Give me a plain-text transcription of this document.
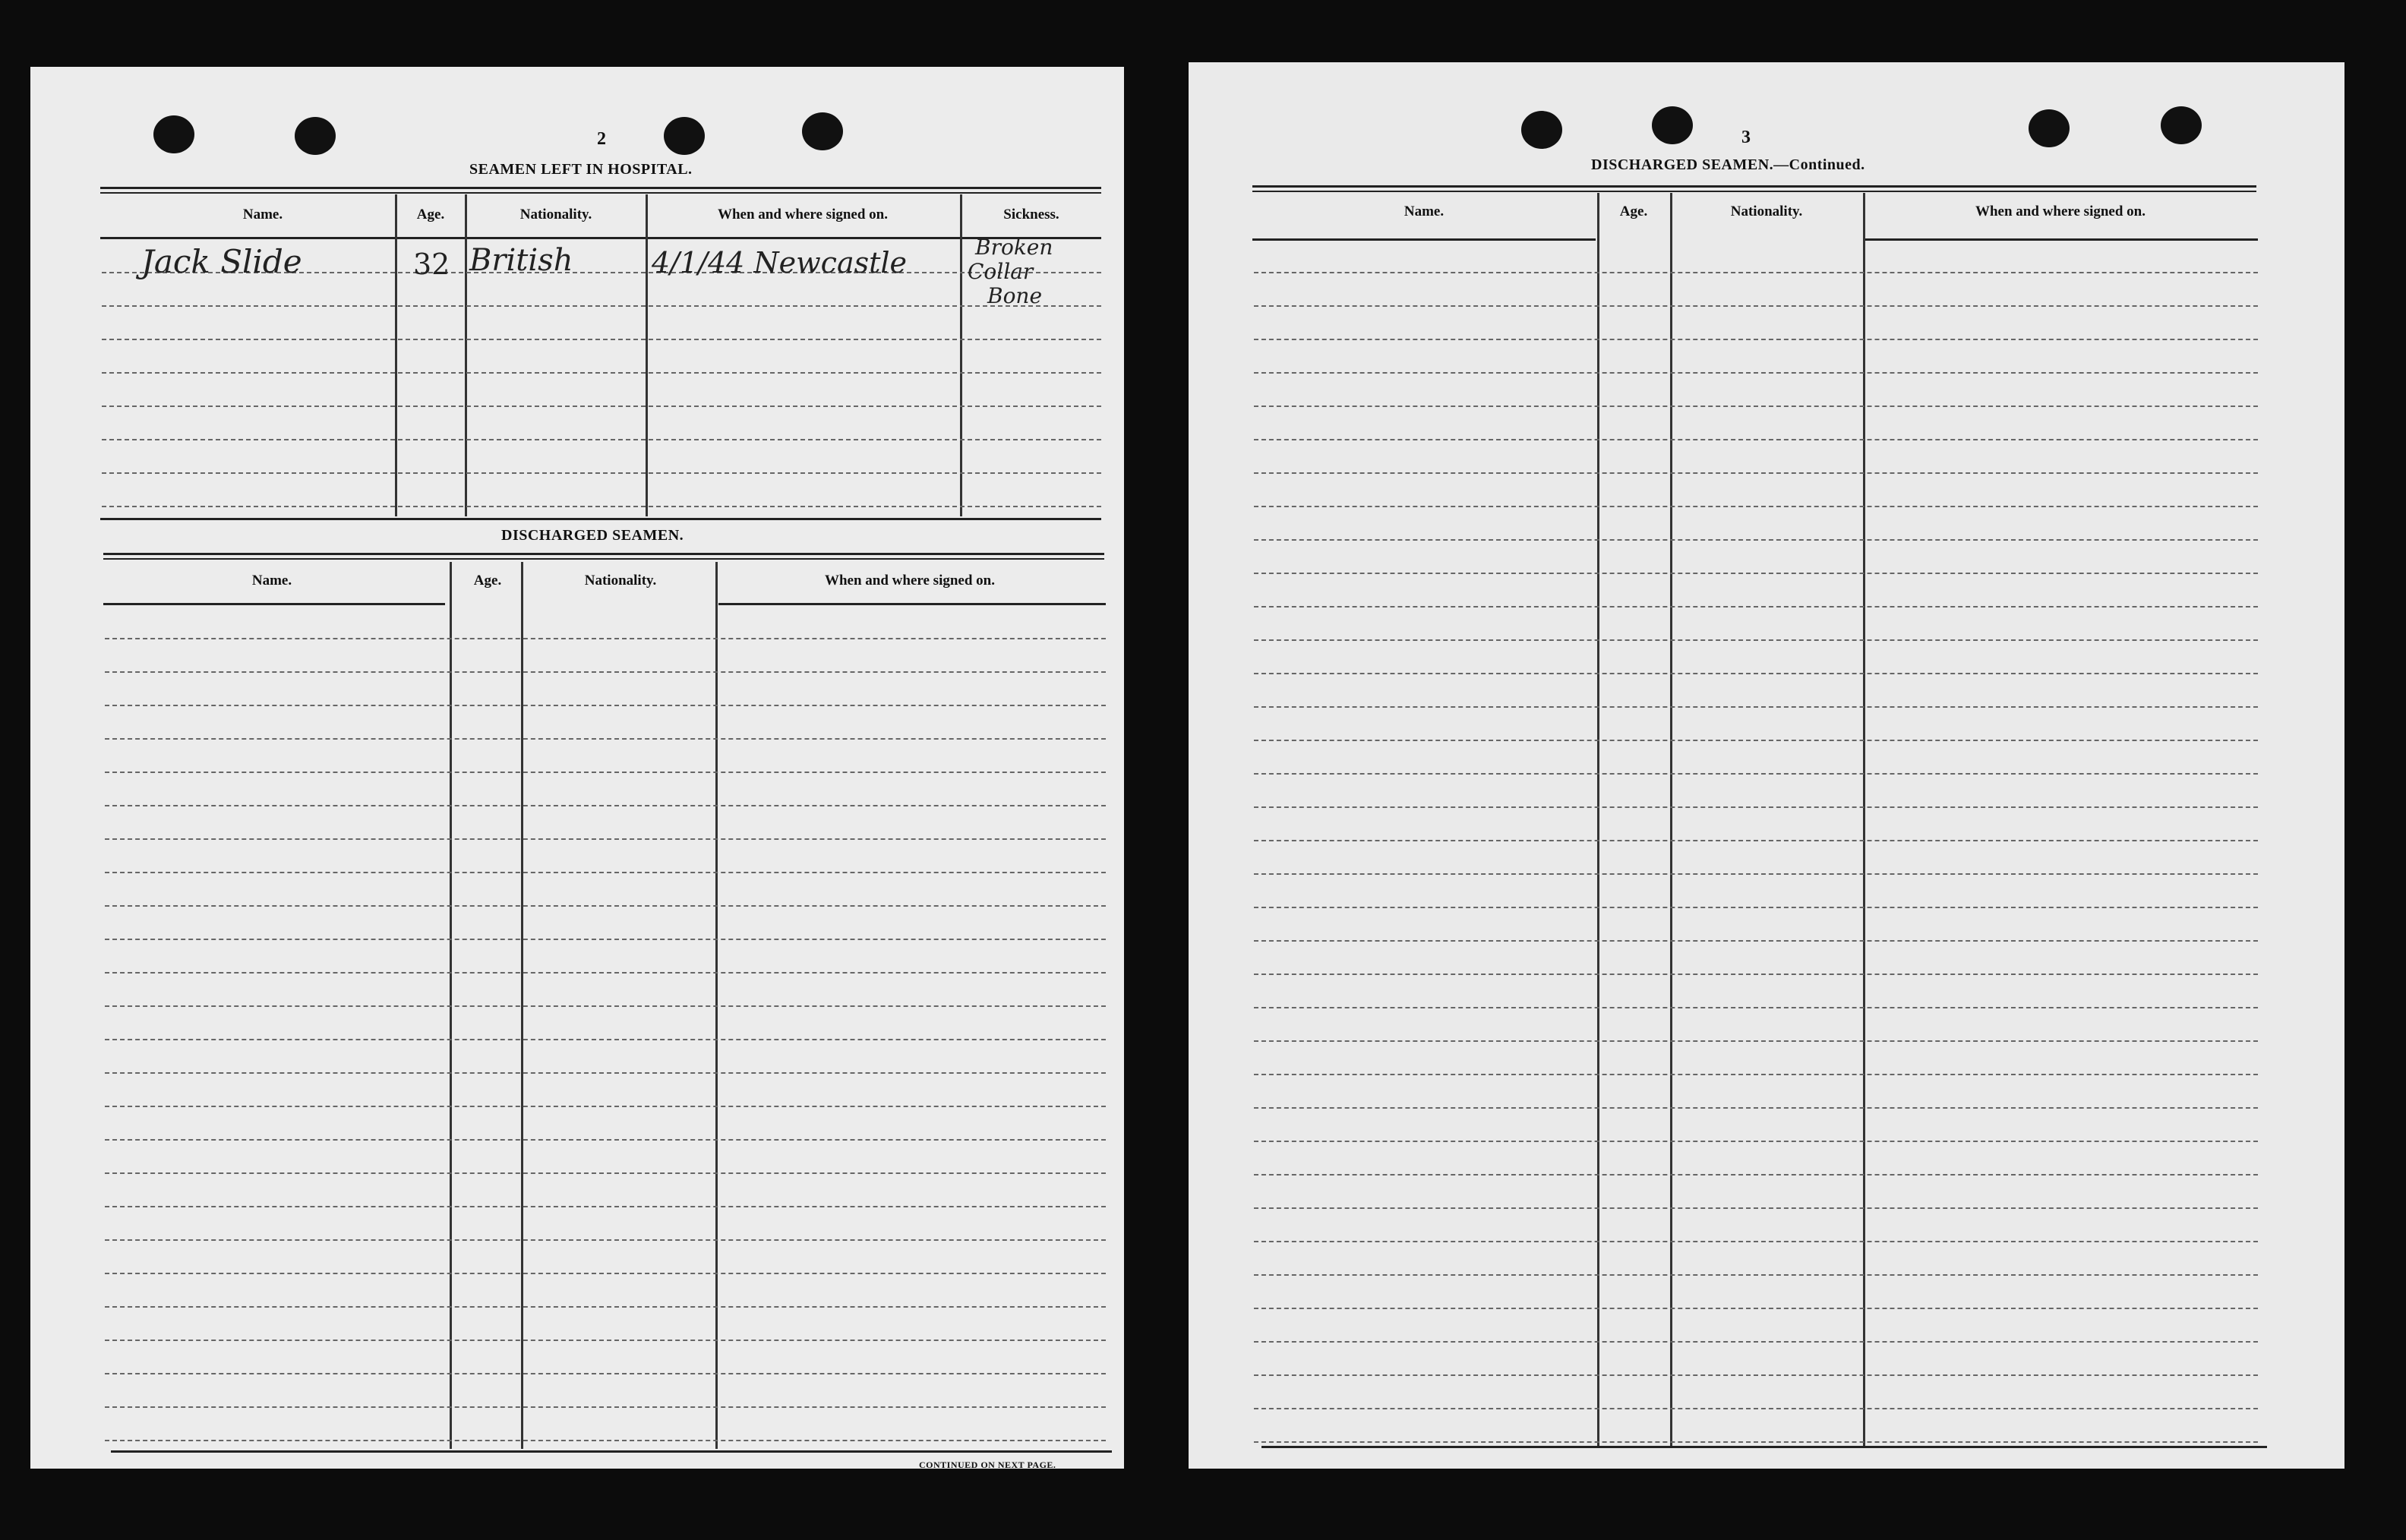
2
SEAMEN LEFT IN HOSPITAL.
Name.	Age.	Nationality.	When and where signed on.	Sickness.
Jack Slide	32 British	4/1/44 Newcastle	Broken
Collar
Bone
DISCHARGED SEAMEN.
Name.	Age.	Nationality.	When and where signed on.
CONTINUED ON NEXT PAGE.
3
DISCHARGED SEAMEN.—Continued.
Name.	Age.	Nationality.	When and where signed on.
